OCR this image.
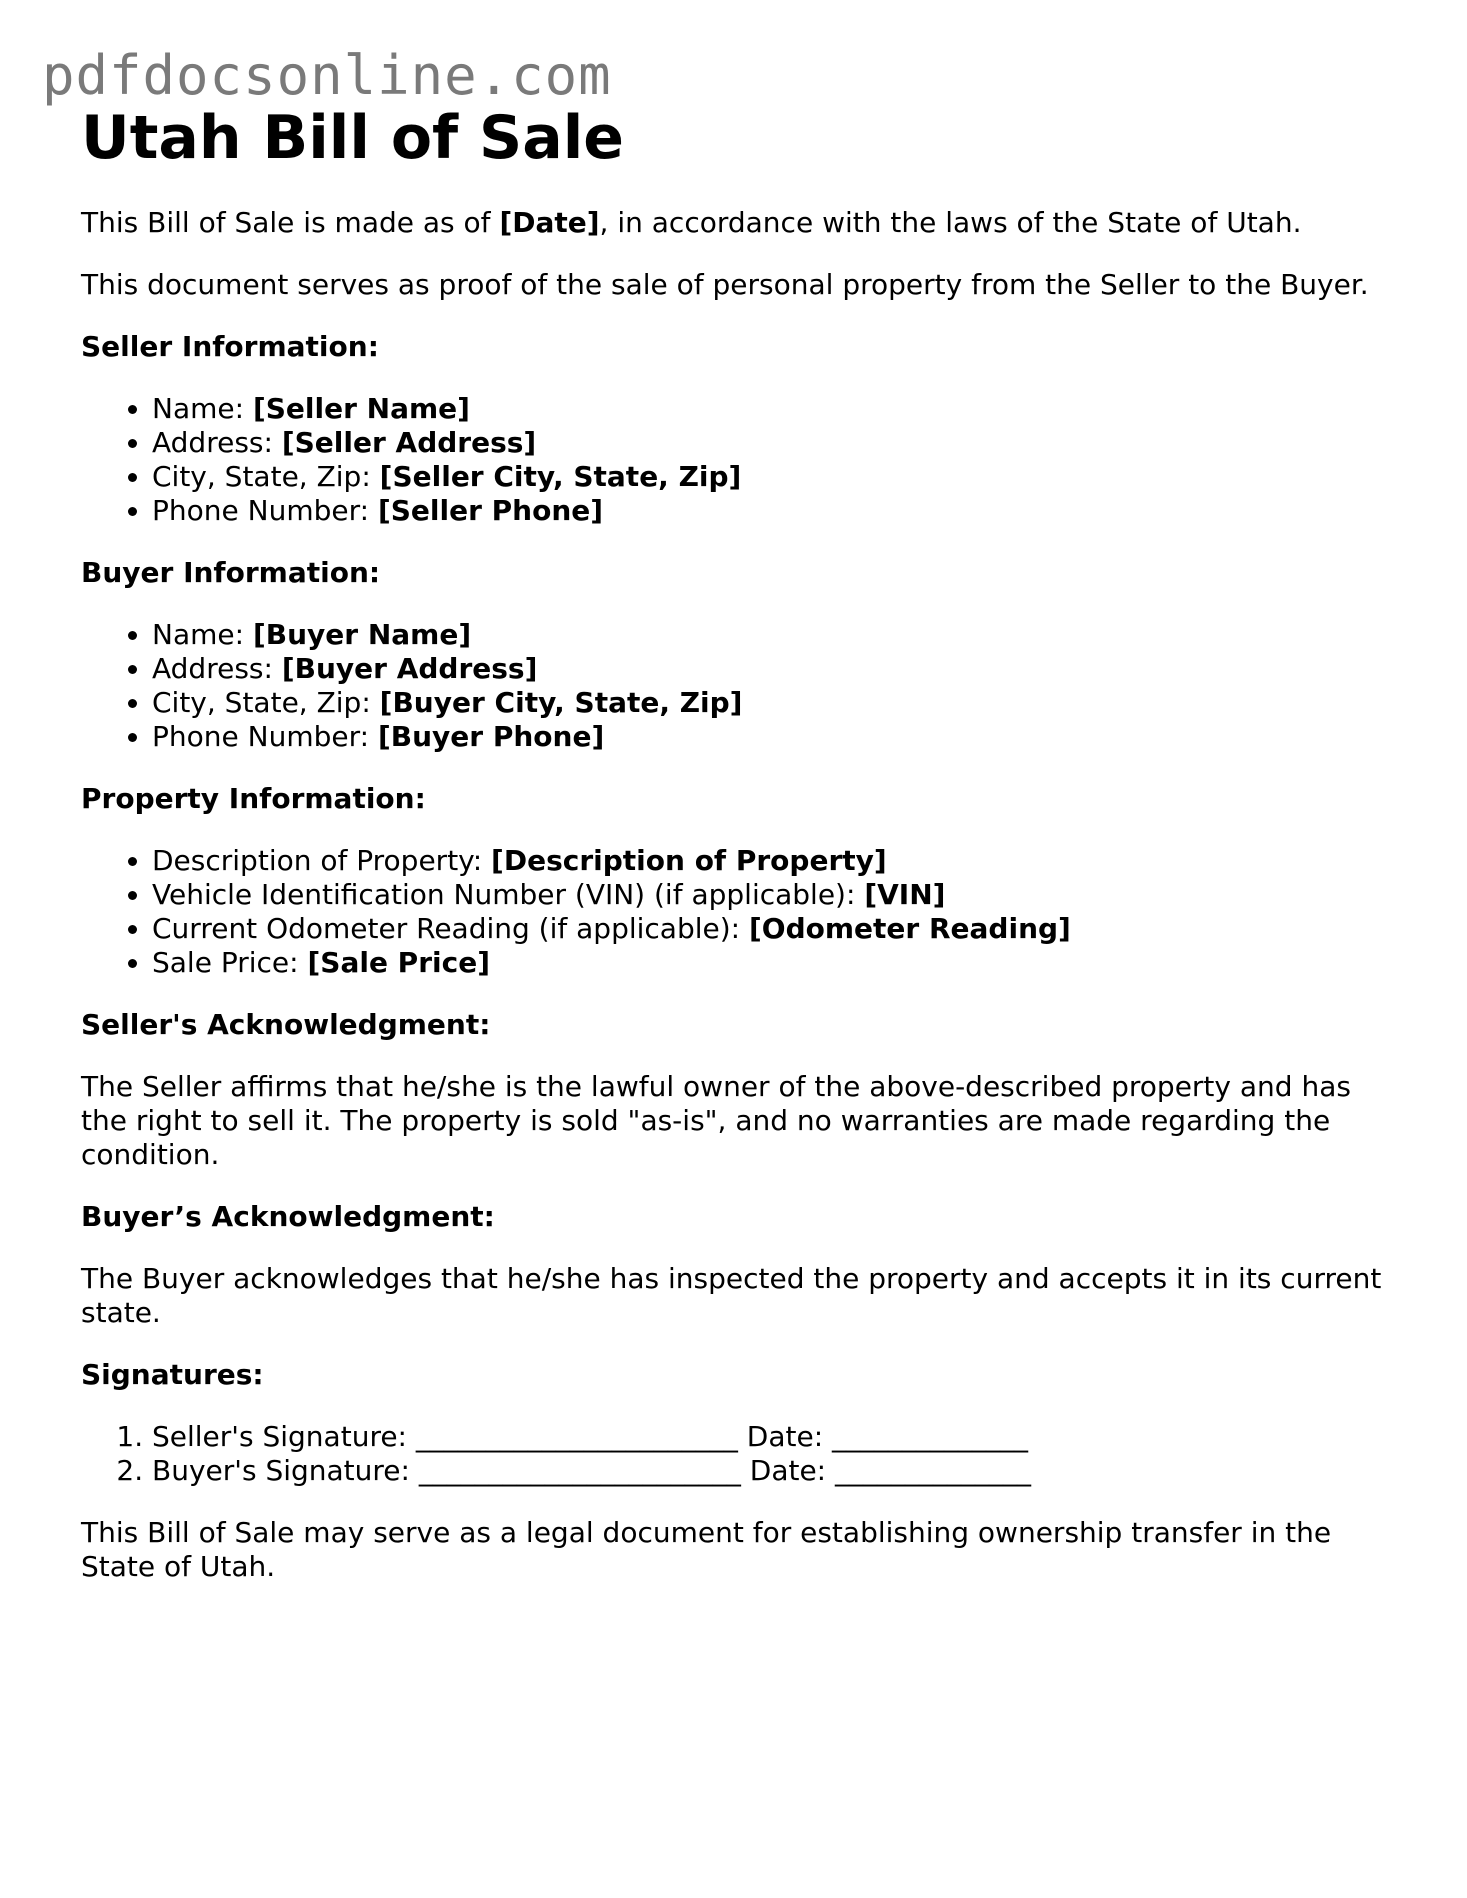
pdfdocsonline.com
Utah Bill of Sale

This Bill of Sale is made as of [Date], in accordance with the laws of the State of Utah.

This document serves as proof of the sale of personal property from the Seller to the Buyer.

Seller Information:

• Name: [Seller Name]
• Address: [Seller Address]
• City, State, Zip: [Seller City, State, Zip]
• Phone Number: [Seller Phone]

Buyer Information:

• Name: [Buyer Name]
• Address: [Buyer Address]
• City, State, Zip: [Buyer City, State, Zip]
• Phone Number: [Buyer Phone]

Property Information:

• Description of Property: [Description of Property]
• Vehicle Identification Number (VIN) (if applicable): [VIN]
• Current Odometer Reading (if applicable): [Odometer Reading]
• Sale Price: [Sale Price]

Seller's Acknowledgment:

The Seller affirms that he/she is the lawful owner of the above-described property and has the right to sell it. The property is sold "as-is", and no warranties are made regarding the condition.

Buyer’s Acknowledgment:

The Buyer acknowledges that he/she has inspected the property and accepts it in its current state.

Signatures:

1. Seller's Signature: _______________________ Date: ______________
2. Buyer's Signature: _______________________ Date: ______________

This Bill of Sale may serve as a legal document for establishing ownership transfer in the State of Utah.
